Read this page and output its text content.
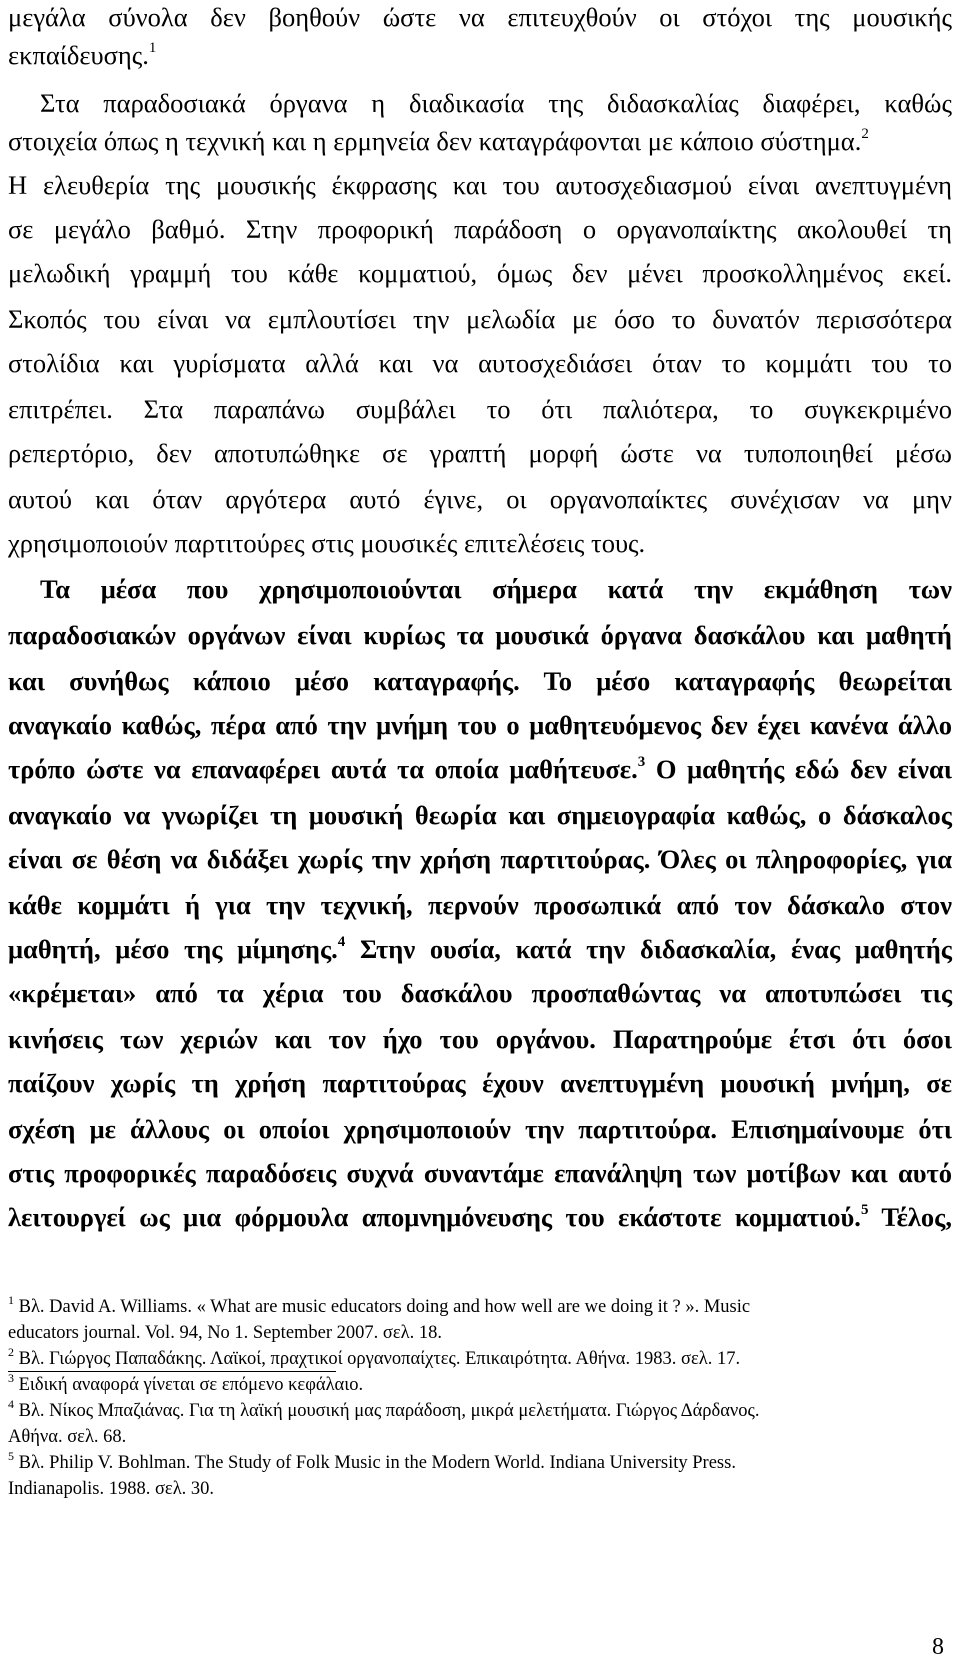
μεγάλα σύνολα δεν βοηθούν ώστε να επιτευχθούν οι στόχοι της μουσικής
εκπαίδευσης.$^1$
Στα παραδοσιακά όργανα η διαδικασία της διδασκαλίας διαφέρει, καθώς
στοιχεία όπως η τεχνική και η ερμηνεία δεν καταγράφονται με κάποιο σύστημα.$^2$
Η ελευθερία της μουσικής έκφρασης και του αυτοσχεδιασμού είναι ανεπτυγμένη
σε μεγάλο βαθμό. Στην προφορική παράδοση ο οργανοπαίκτης ακολουθεί τη
μελωδική γραμμή του κάθε κομματιού, όμως δεν μένει προσκολλημένος εκεί.
Σκοπός του είναι να εμπλουτίσει την μελωδία με όσο το δυνατόν περισσότερα
στολίδια και γυρίσματα αλλά και να αυτοσχεδιάσει όταν το κομμάτι του το
επιτρέπει. Στα παραπάνω συμβάλει το ότι παλιότερα, το συγκεκριμένο
ρεπερτόριο, δεν αποτυπώθηκε σε γραπτή μορφή ώστε να τυποποιηθεί μέσω
αυτού και όταν αργότερα αυτό έγινε, οι οργανοπαίκτες συνέχισαν να μην
χρησιμοποιούν παρτιτούρες στις μουσικές επιτελέσεις τους.
Τα μέσα που χρησιμοποιούνται σήμερα κατά την εκμάθηση των
παραδοσιακών οργάνων είναι κυρίως τα μουσικά όργανα δασκάλου και μαθητή
και συνήθως κάποιο μέσο καταγραφής. Το μέσο καταγραφής θεωρείται
αναγκαίο καθώς, πέρα από την μνήμη του ο μαθητευόμενος δεν έχει κανένα άλλο
τρόπο ώστε να επαναφέρει αυτά τα οποία μαθήτευσε.$^3$ Ο μαθητής εδώ δεν είναι
αναγκαίο να γνωρίζει τη μουσική θεωρία και σημειογραφία καθώς, ο δάσκαλος
είναι σε θέση να διδάξει χωρίς την χρήση παρτιτούρας. Όλες οι πληροφορίες, για
κάθε κομμάτι ή για την τεχνική, περνούν προσωπικά από τον δάσκαλο στον
μαθητή, μέσο της μίμησης.$^4$ Στην ουσία, κατά την διδασκαλία, ένας μαθητής
«κρέμεται» από τα χέρια του δασκάλου προσπαθώντας να αποτυπώσει τις
κινήσεις των χεριών και τον ήχο του οργάνου. Παρατηρούμε έτσι ότι όσοι
παίζουν χωρίς τη χρήση παρτιτούρας έχουν ανεπτυγμένη μουσική μνήμη, σε
σχέση με άλλους οι οποίοι χρησιμοποιούν την παρτιτούρα. Επισημαίνουμε ότι
στις προφορικές παραδόσεις συχνά συναντάμε επανάληψη των μοτίβων και αυτό
λειτουργεί ως μια φόρμουλα απομνημόνευσης του εκάστοτε κομματιού.$^5$ Τέλος,
$^1$ Βλ. David A. Williams. « What are music educators doing and how well are we doing it ? ». Music
educators journal. Vol. 94, No 1. September 2007. σελ. 18.
$^2$ Βλ. Γιώργος Παπαδάκης. Λαϊκοί, πραχτικοί οργανοπαίχτες. Επικαιρότητα. Αθήνα. 1983. σελ. 17.
$^3$ Ειδική αναφορά γίνεται σε επόμενο κεφάλαιο.
$^4$ Βλ. Νίκος Μπαζιάνας. Για τη λαϊκή μουσική μας παράδοση, μικρά μελετήματα. Γιώργος Δάρδανος.
Αθήνα. σελ. 68.
$^5$ Βλ. Philip V. Bohlman. The Study of Folk Music in the Modern World. Indiana University Press.
Indianapolis. 1988. σελ. 30.
8
